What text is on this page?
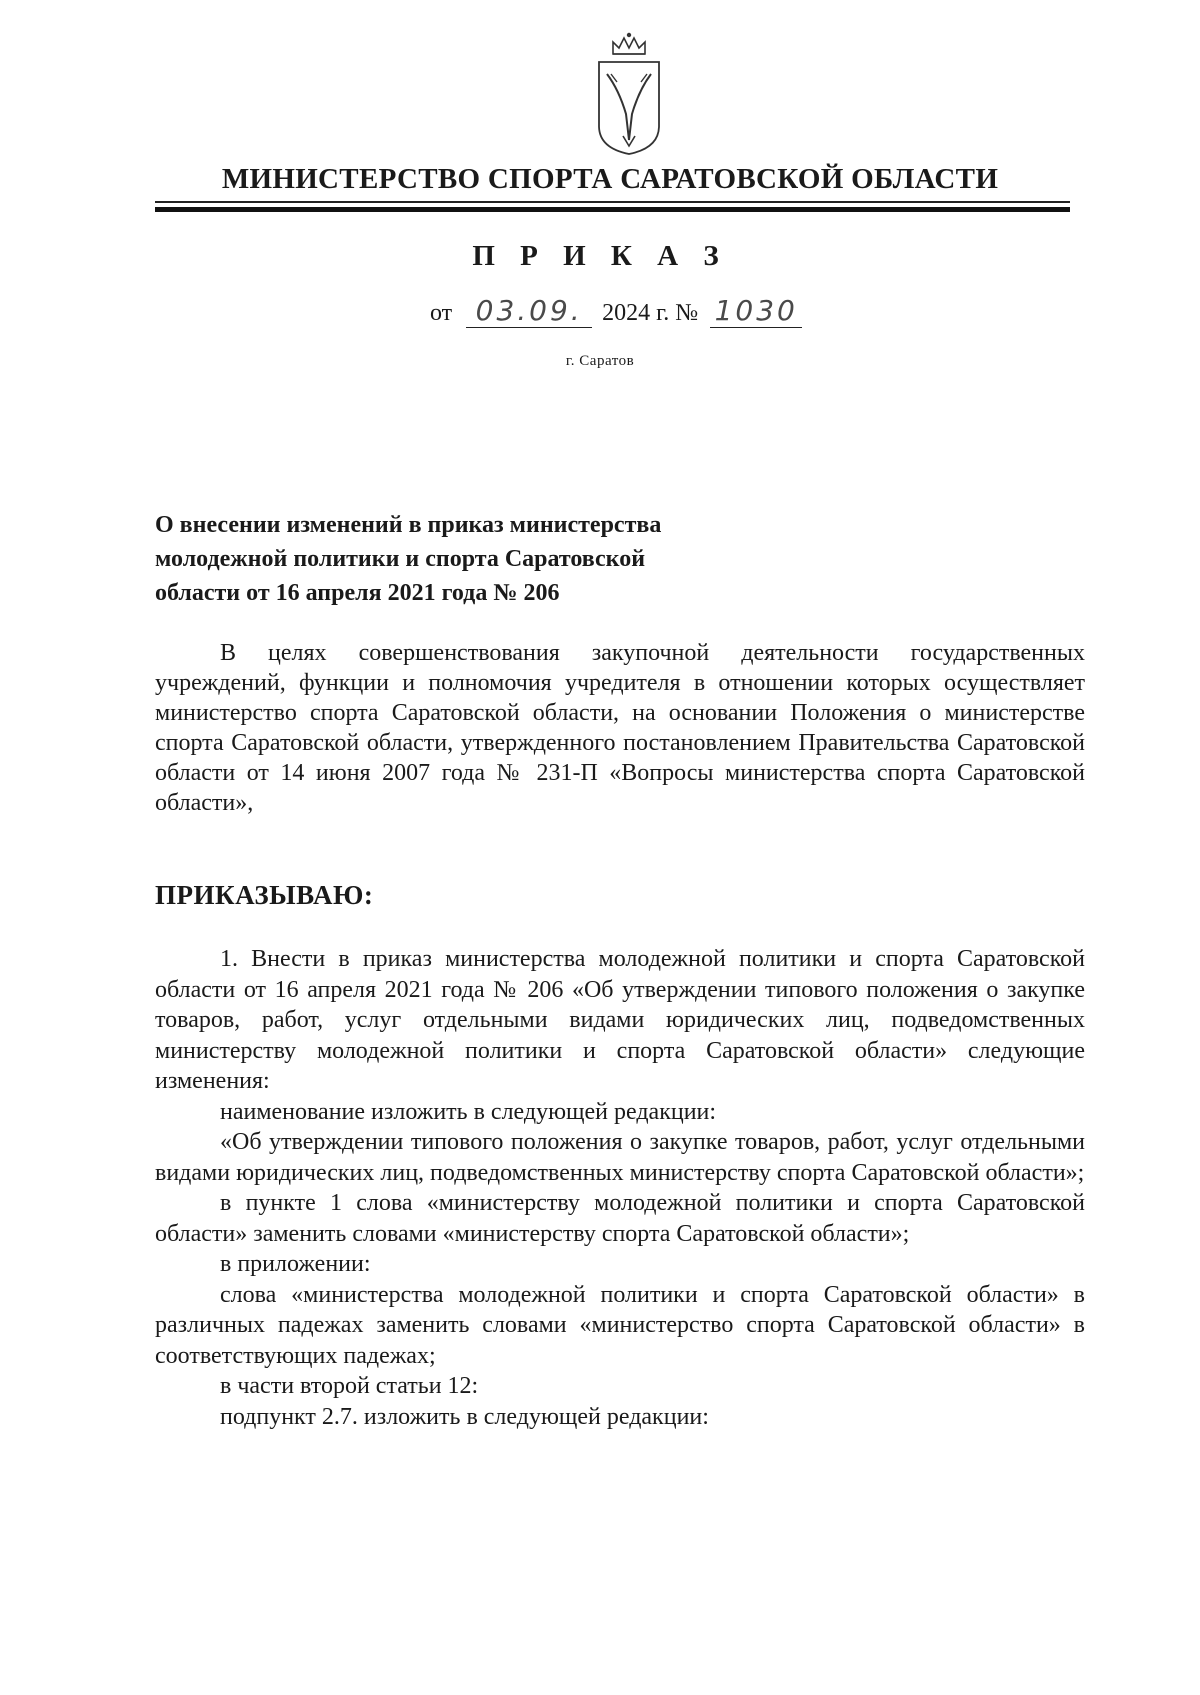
МИНИСТЕРСТВО СПОРТА САРАТОВСКОЙ ОБЛАСТИ
П Р И К А З
от 03.09. 2024 г. № 1030
г. Саратов
О внесении изменений в приказ министерства
молодежной политики и спорта Саратовской
области от 16 апреля 2021 года № 206
В целях совершенствования закупочной деятельности государственных учреждений, функции и полномочия учредителя в отношении которых осуществляет министерство спорта Саратовской области, на основании Положения о министерстве спорта Саратовской области, утвержденного постановлением Правительства Саратовской области от 14 июня 2007 года № 231-П «Вопросы министерства спорта Саратовской области»,
ПРИКАЗЫВАЮ:

1. Внести в приказ министерства молодежной политики и спорта Саратовской области от 16 апреля 2021 года № 206 «Об утверждении типового положения о закупке товаров, работ, услуг отдельными видами юридических лиц, подведомственных министерству молодежной политики и спорта Саратовской области» следующие изменения:

наименование изложить в следующей редакции:

«Об утверждении типового положения о закупке товаров, работ, услуг отдельными видами юридических лиц, подведомственных министерству спорта Саратовской области»;

в пункте 1 слова «министерству молодежной политики и спорта Саратовской области» заменить словами «министерству спорта Саратовской области»;

в приложении:

слова «министерства молодежной политики и спорта Саратовской области» в различных падежах заменить словами «министерство спорта Саратовской области» в соответствующих падежах;

в части второй статьи 12:

подпункт 2.7. изложить в следующей редакции:
